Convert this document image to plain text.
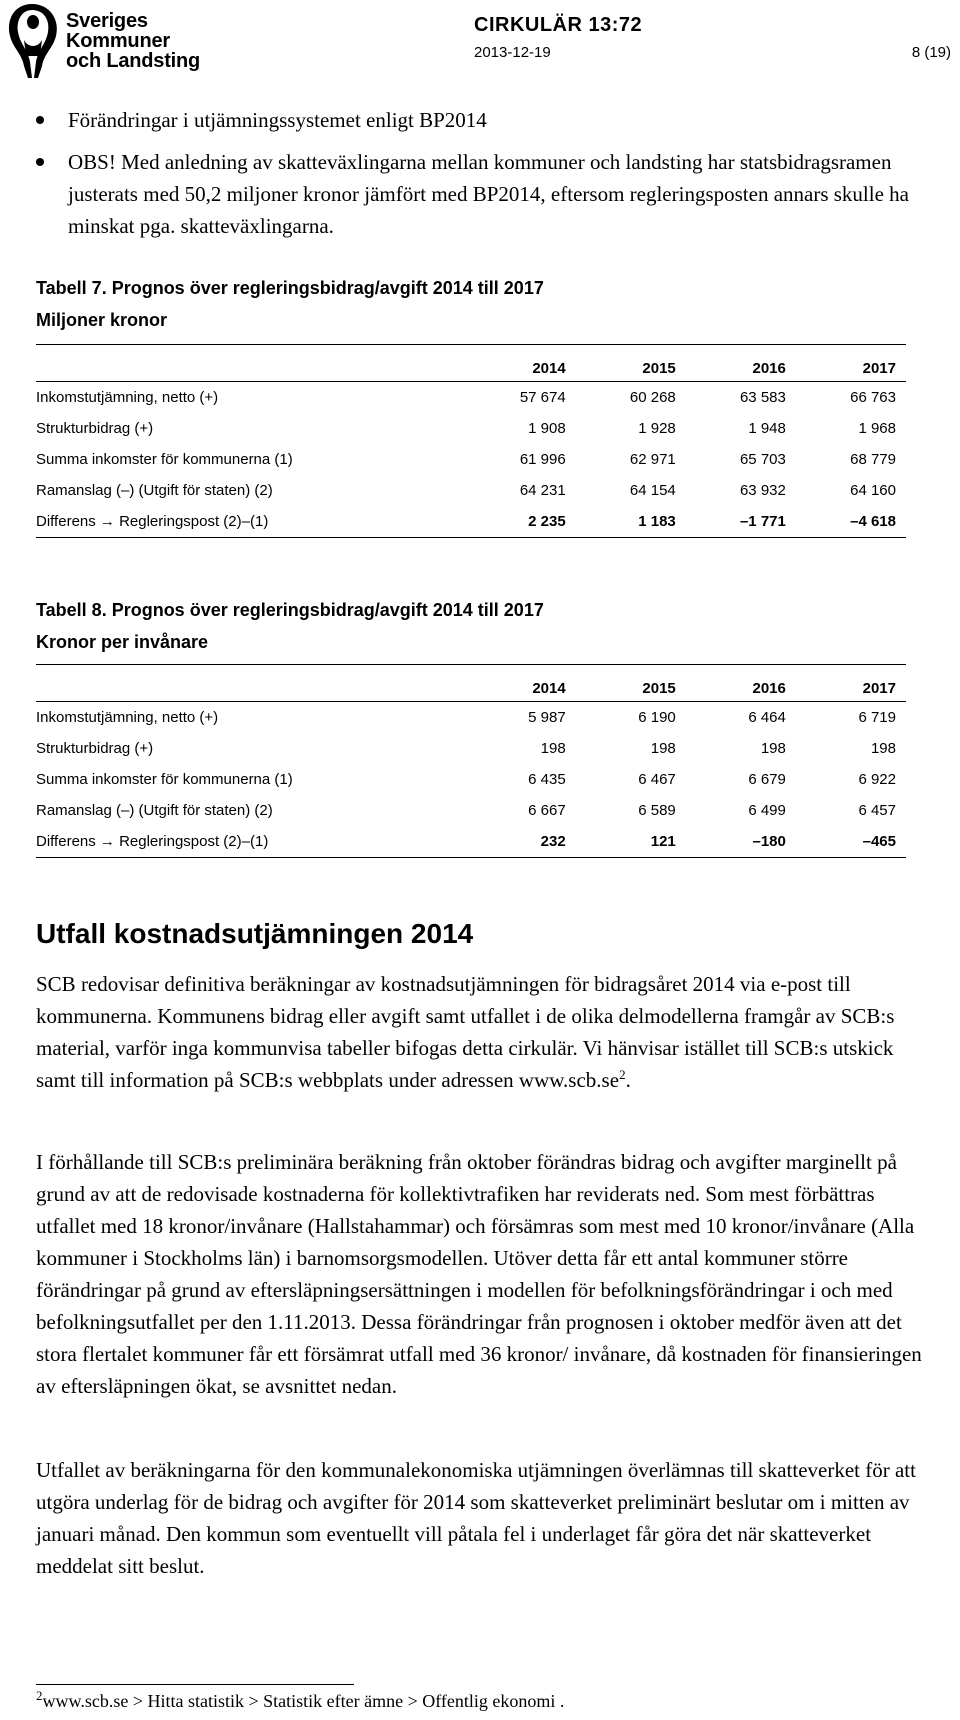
Sveriges
Kommuner
och Landsting
CIRKULÄR 13:72
2013-12-19	8 (19)
Förändringar i utjämningssystemet enligt BP2014
OBS! Med anledning av skatteväxlingarna mellan kommuner och landsting har statsbidragsramen justerats med 50,2 miljoner kronor jämfört med BP2014, eftersom regleringsposten annars skulle ha minskat pga. skatteväxlingarna.
Tabell 7. Prognos över regleringsbidrag/avgift 2014 till 2017
Miljoner kronor
	2014	2015	2016	2017
Inkomstutjämning, netto (+)	57 674	60 268	63 583	66 763
Strukturbidrag (+)	1 908	1 928	1 948	1 968
Summa inkomster för kommunerna (1)	61 996	62 971	65 703	68 779
Ramanslag (–) (Utgift för staten) (2)	64 231	64 154	63 932	64 160
Differens → Regleringspost (2)–(1)	2 235	1 183	–1 771	–4 618
Tabell 8. Prognos över regleringsbidrag/avgift 2014 till 2017
Kronor per invånare
	2014	2015	2016	2017
Inkomstutjämning, netto (+)	5 987	6 190	6 464	6 719
Strukturbidrag (+)	198	198	198	198
Summa inkomster för kommunerna (1)	6 435	6 467	6 679	6 922
Ramanslag (–) (Utgift för staten) (2)	6 667	6 589	6 499	6 457
Differens → Regleringspost (2)–(1)	232	121	–180	–465
Utfall kostnadsutjämningen 2014

SCB redovisar definitiva beräkningar av kostnadsutjämningen för bidragsåret 2014 via e-post till kommunerna. Kommunens bidrag eller avgift samt utfallet i de olika delmodellerna framgår av SCB:s material, varför inga kommunvisa tabeller bifogas detta cirkulär. Vi hänvisar istället till SCB:s utskick samt till information på SCB:s webbplats under adressen $www.scb.se^2$.

I förhållande till SCB:s preliminära beräkning från oktober förändras bidrag och avgifter marginellt på grund av att de redovisade kostnaderna för kollektivtrafiken har reviderats ned. Som mest förbättras utfallet med 18 kronor/invånare (Hallstahammar) och försämras som mest med 10 kronor/invånare (Alla kommuner i Stockholms län) i barnomsorgsmodellen. Utöver detta får ett antal kommuner större förändringar på grund av eftersläpningsersättningen i modellen för befolkningsförändringar i och med befolkningsutfallet per den 1.11.2013. Dessa förändringar från prognosen i oktober medför även att det stora flertalet kommuner får ett försämrat utfall med 36 kronor/ invånare, då kostnaden för finansieringen av eftersläpningen ökat, se avsnittet nedan.

Utfallet av beräkningarna för den kommunalekonomiska utjämningen överlämnas till skatteverket för att utgöra underlag för de bidrag och avgifter för 2014 som skatteverket preliminärt beslutar om i mitten av januari månad. Den kommun som eventuellt vill påtala fel i underlaget får göra det när skatteverket meddelat sitt beslut.

$^2$www.scb.se > Hitta statistik > Statistik efter ämne > Offentlig ekonomi .
